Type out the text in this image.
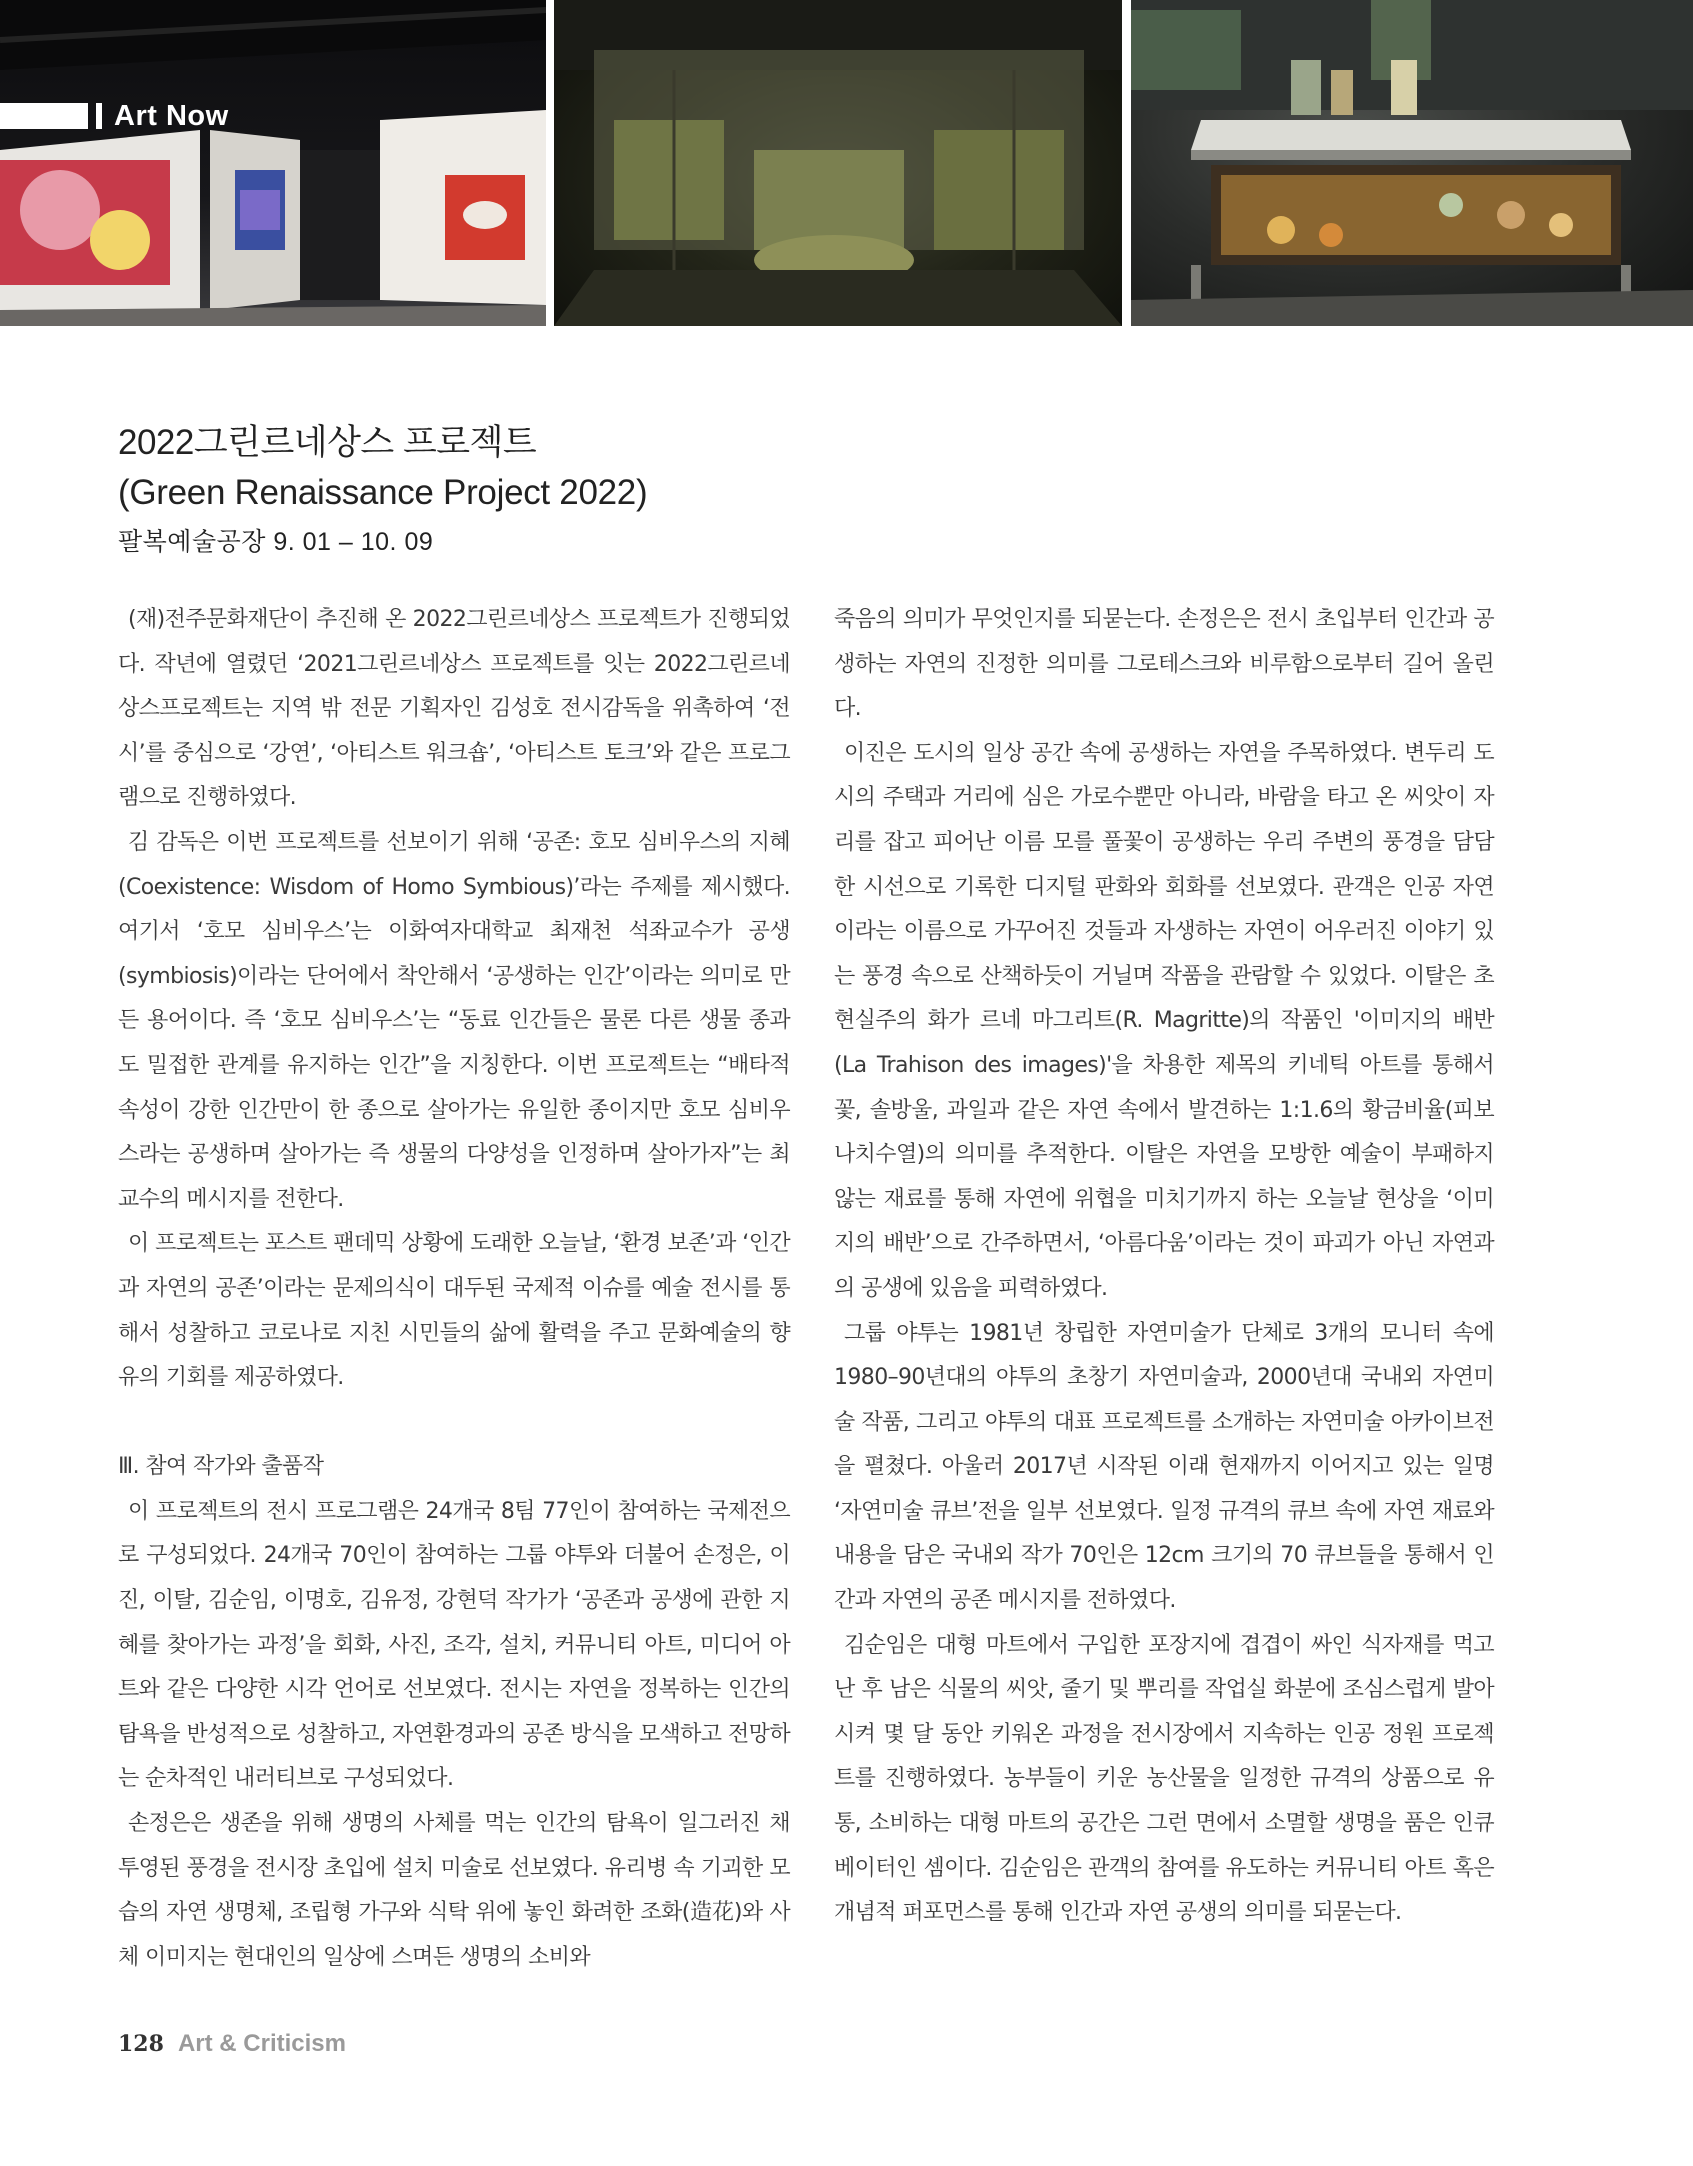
Art Now
2022그린르네상스 프로젝트
(Green Renaissance Project 2022)
팔복예술공장 9. 01 – 10. 09

(재)전주문화재단이 추진해 온 2022그린르네상스 프로젝트가 진행되었다. 작년에 열렸던 ‘2021그린르네상스 프로젝트를 잇는 2022그린르네상스프로젝트는 지역 밖 전문 기획자인 김성호 전시감독을 위촉하여 ‘전시’를 중심으로 ‘강연’, ‘아티스트 워크숍’, ‘아티스트 토크’와 같은 프로그램으로 진행하였다.

김 감독은 이번 프로젝트를 선보이기 위해 ‘공존: 호모 심비우스의 지혜(Coexistence: Wisdom of Homo Symbious)’라는 주제를 제시했다. 여기서 ‘호모 심비우스’는 이화여자대학교 최재천 석좌교수가 공생(symbiosis)이라는 단어에서 착안해서 ‘공생하는 인간’이라는 의미로 만든 용어이다. 즉 ‘호모 심비우스’는 “동료 인간들은 물론 다른 생물 종과도 밀접한 관계를 유지하는 인간”을 지칭한다. 이번 프로젝트는 “배타적 속성이 강한 인간만이 한 종으로 살아가는 유일한 종이지만 호모 심비우스라는 공생하며 살아가는 즉 생물의 다양성을 인정하며 살아가자”는 최 교수의 메시지를 전한다.

이 프로젝트는 포스트 팬데믹 상황에 도래한 오늘날, ‘환경 보존’과 ‘인간과 자연의 공존’이라는 문제의식이 대두된 국제적 이슈를 예술 전시를 통해서 성찰하고 코로나로 지친 시민들의 삶에 활력을 주고 문화예술의 향유의 기회를 제공하였다.

Ⅲ. 참여 작가와 출품작

이 프로젝트의 전시 프로그램은 24개국 8팀 77인이 참여하는 국제전으로 구성되었다. 24개국 70인이 참여하는 그룹 야투와 더불어 손정은, 이진, 이탈, 김순임, 이명호, 김유정, 강현덕 작가가 ‘공존과 공생에 관한 지혜를 찾아가는 과정’을 회화, 사진, 조각, 설치, 커뮤니티 아트, 미디어 아트와 같은 다양한 시각 언어로 선보였다. 전시는 자연을 정복하는 인간의 탐욕을 반성적으로 성찰하고, 자연환경과의 공존 방식을 모색하고 전망하는 순차적인 내러티브로 구성되었다.

손정은은 생존을 위해 생명의 사체를 먹는 인간의 탐욕이 일그러진 채 투영된 풍경을 전시장 초입에 설치 미술로 선보였다. 유리병 속 기괴한 모습의 자연 생명체, 조립형 가구와 식탁 위에 놓인 화려한 조화(造花)와 사체 이미지는 현대인의 일상에 스며든 생명의 소비와

죽음의 의미가 무엇인지를 되묻는다. 손정은은 전시 초입부터 인간과 공생하는 자연의 진정한 의미를 그로테스크와 비루함으로부터 길어 올린다.

이진은 도시의 일상 공간 속에 공생하는 자연을 주목하였다. 변두리 도시의 주택과 거리에 심은 가로수뿐만 아니라, 바람을 타고 온 씨앗이 자리를 잡고 피어난 이름 모를 풀꽃이 공생하는 우리 주변의 풍경을 담담한 시선으로 기록한 디지털 판화와 회화를 선보였다. 관객은 인공 자연이라는 이름으로 가꾸어진 것들과 자생하는 자연이 어우러진 이야기 있는 풍경 속으로 산책하듯이 거닐며 작품을 관람할 수 있었다. 이탈은 초현실주의 화가 르네 마그리트(R. Magritte)의 작품인 '이미지의 배반(La Trahison des images)'을 차용한 제목의 키네틱 아트를 통해서 꽃, 솔방울, 과일과 같은 자연 속에서 발견하는 1:1.6의 황금비율(피보나치수열)의 의미를 추적한다. 이탈은 자연을 모방한 예술이 부패하지 않는 재료를 통해 자연에 위협을 미치기까지 하는 오늘날 현상을 ‘이미지의 배반’으로 간주하면서, ‘아름다움’이라는 것이 파괴가 아닌 자연과의 공생에 있음을 피력하였다.

그룹 야투는 1981년 창립한 자연미술가 단체로 3개의 모니터 속에 1980–90년대의 야투의 초창기 자연미술과, 2000년대 국내외 자연미술 작품, 그리고 야투의 대표 프로젝트를 소개하는 자연미술 아카이브전을 펼쳤다. 아울러 2017년 시작된 이래 현재까지 이어지고 있는 일명 ‘자연미술 큐브’전을 일부 선보였다. 일정 규격의 큐브 속에 자연 재료와 내용을 담은 국내외 작가 70인은 12cm 크기의 70 큐브들을 통해서 인간과 자연의 공존 메시지를 전하였다.

김순임은 대형 마트에서 구입한 포장지에 겹겹이 싸인 식자재를 먹고 난 후 남은 식물의 씨앗, 줄기 및 뿌리를 작업실 화분에 조심스럽게 발아시켜 몇 달 동안 키워온 과정을 전시장에서 지속하는 인공 정원 프로젝트를 진행하였다. 농부들이 키운 농산물을 일정한 규격의 상품으로 유통, 소비하는 대형 마트의 공간은 그런 면에서 소멸할 생명을 품은 인큐베이터인 셈이다. 김순임은 관객의 참여를 유도하는 커뮤니티 아트 혹은 개념적 퍼포먼스를 통해 인간과 자연 공생의 의미를 되묻는다.

128 Art & Criticism
